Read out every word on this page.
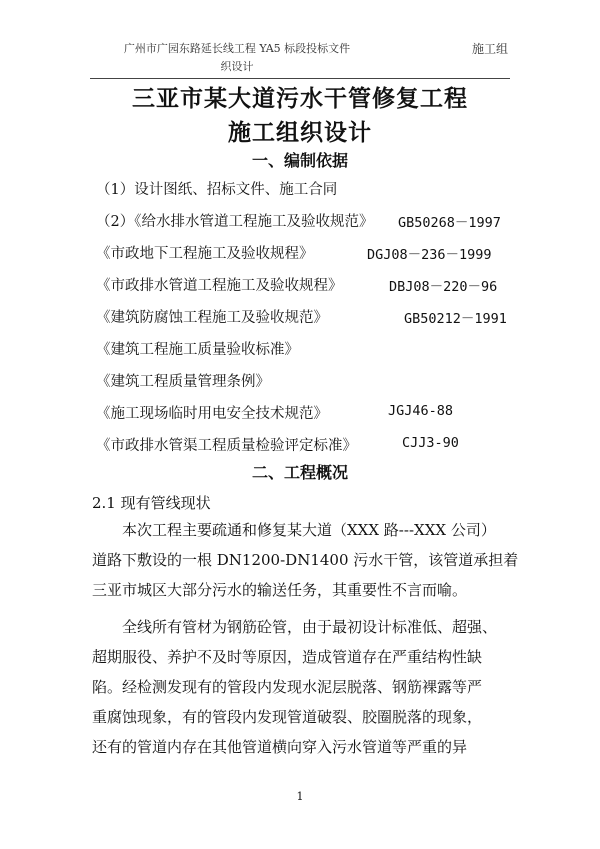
广州市广园东路延长线工程 YA5 标段投标文件
织设计
施工组
三亚市某大道污水干管修复工程
施工组织设计
一、编制依据
（1）设计图纸、招标文件、施工合同
（2）《给水排水管道工程施工及验收规范》 GB50268－1997
《市政地下工程施工及验收规程》	DGJ08－236－1999
《市政排水管道工程施工及验收规程》	DBJ08－220－96
《建筑防腐蚀工程施工及验收规范》	GB50212－1991
《建筑工程施工质量验收标准》
《建筑工程质量管理条例》
《施工现场临时用电安全技术规范》	JGJ46-88
《市政排水管渠工程质量检验评定标准》	CJJ3-90
二、工程概况
2.1 现有管线现状
　　本次工程主要疏通和修复某大道（XXX 路---XXX 公司）
道路下敷设的一根 DN1200-DN1400 污水干管，该管道承担着
三亚市城区大部分污水的输送任务，其重要性不言而喻。
　　全线所有管材为钢筋砼管，由于最初设计标准低、超强、
超期服役、养护不及时等原因，造成管道存在严重结构性缺
陷。经检测发现有的管段内发现水泥层脱落、钢筋裸露等严
重腐蚀现象，有的管段内发现管道破裂、胶圈脱落的现象，
还有的管道内存在其他管道横向穿入污水管道等严重的异
1
